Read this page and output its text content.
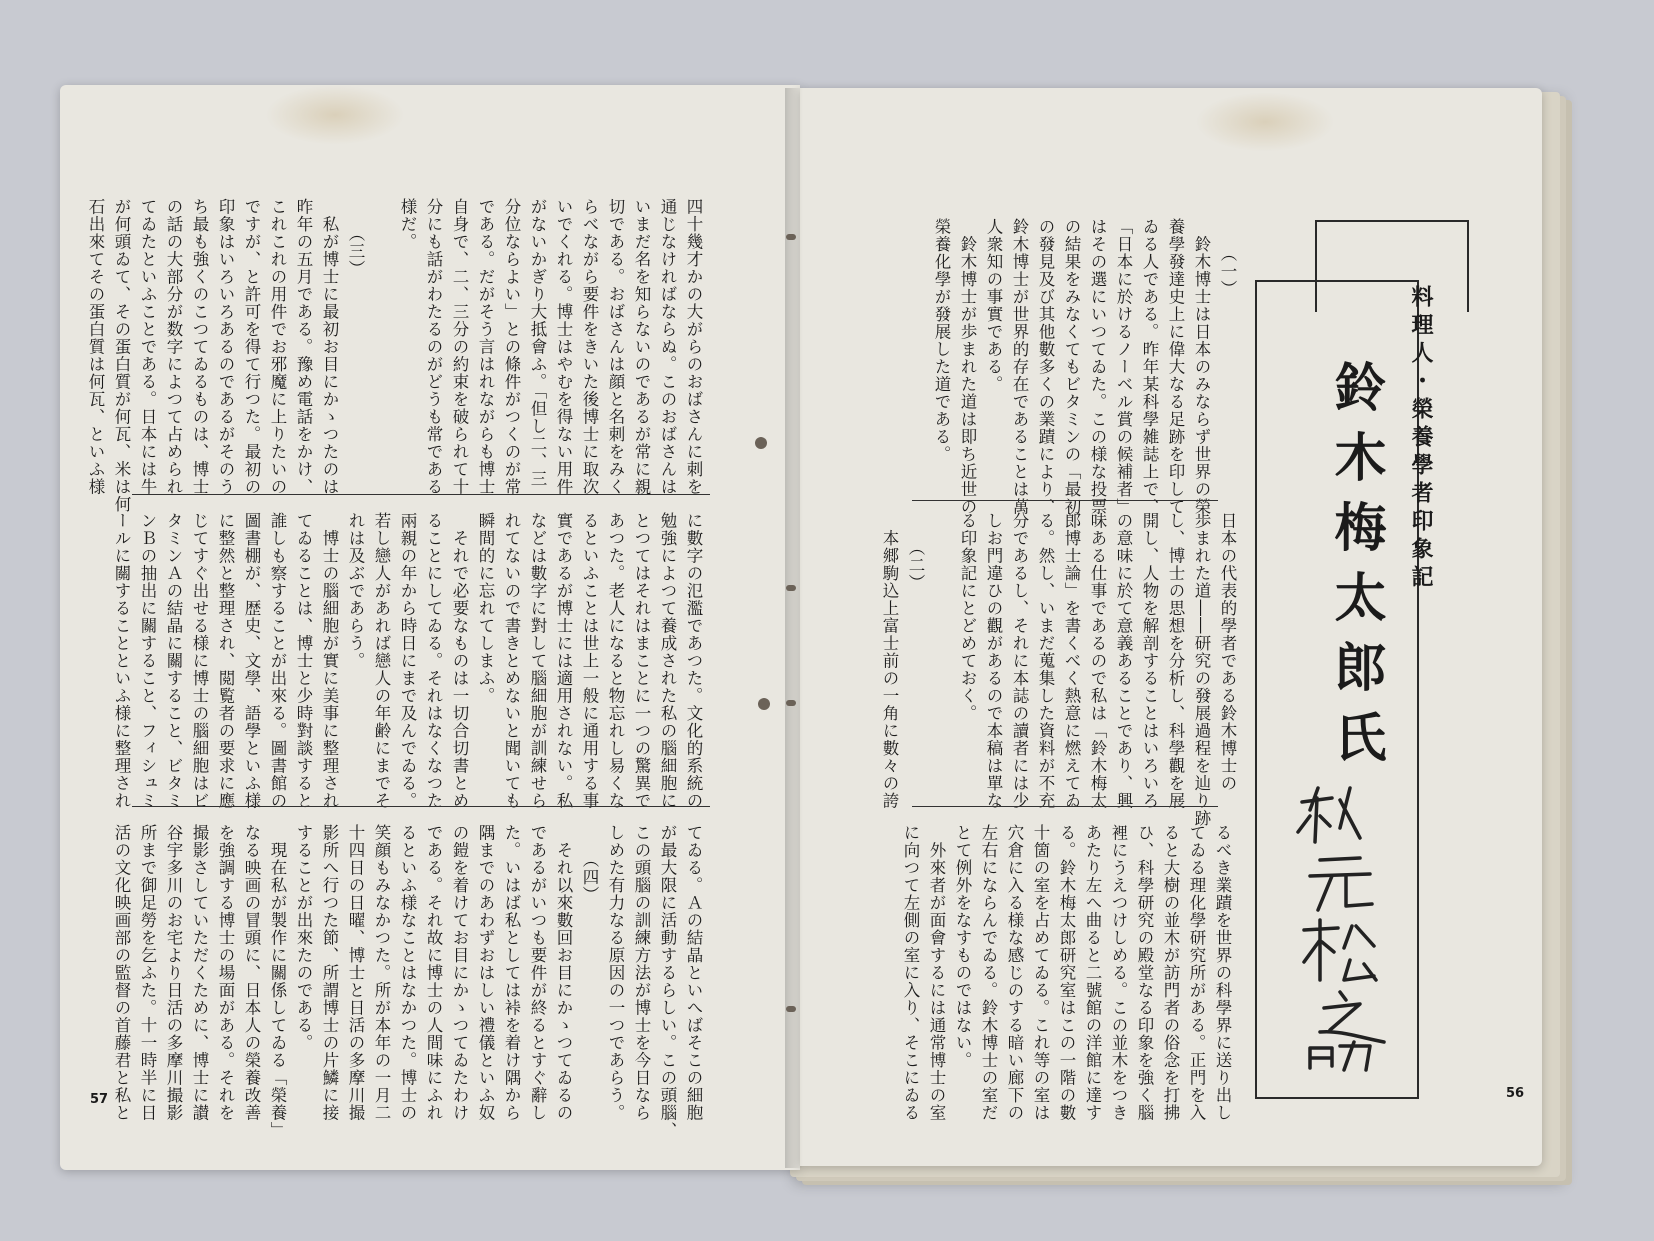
四十幾才かの大がらのおばさんに刺を

通じなければならぬ。このおばさんは

いまだ名を知らないのであるが常に親

切である。おばさんは顔と名刺をみく

らべながら要件をきいた後博士に取次

いでくれる。博士はやむを得ない用件

がないかぎり大抵會ふ。「但し二、三

分位ならよい」との條件がつくのが常

である。だがそう言はれながらも博士

自身で、二、三分の約束を破られて十

分にも話がわたるのがどうも常である

様だ。

　　（三）

　私が博士に最初お目にかゝつたのは

昨年の五月である。豫め電話をかけ、

これこれの用件でお邪魔に上りたいの

ですが、と許可を得て行つた。最初の

印象はいろいろあるのであるがそのう

ち最も強くのこつてゐるものは、博士

の話の大部分が数字によつて占められ

てゐたといふことである。日本には牛

が何頭ゐて、その蛋白質が何瓦、米は何

石出來てその蛋白質は何瓦、といふ様

に數字の氾濫であつた。文化的系統の

勉強によつて養成された私の腦細胞に

とつてはそれはまことに一つの驚異で

あつた。老人になると物忘れし易くな

るといふことは世上一般に通用する事

實であるが博士には適用されない。私

などは數字に對して腦細胞が訓練せら

れてないので書きとめないと聞いても

瞬間的に忘れてしまふ。

　それで必要なものは一切合切書とめ

ることにしてゐる。それはなくなつた

兩親の年から時日にまで及んでゐる。

若し戀人があれば戀人の年齢にまでそ

れは及ぶであらう。

　博士の腦細胞が實に美事に整理され

てゐることは、博士と少時對談すると

誰しも察することが出來る。圖書館の

圖書棚が、歴史、文學、語學といふ様

に整然と整理され、閲覧者の要求に應

じてすぐ出せる様に博士の腦細胞はビ

タミンＡの結晶に關すること、ビタミ

ンＢの抽出に關すること、フィシュミ

ールに關することといふ様に整理され

てゐる。Ａの結晶といへばそこの細胞

が最大限に活動するらしい。この頭腦、

この頭腦の訓練方法が博士を今日なら

しめた有力なる原因の一つであらう。

　　（四）

　それ以來數回お目にかゝつてゐるの

であるがいつも要件が終るとすぐ辭し

た。いはば私としては裃を着け隅から

隅までのあわずおはしい禮儀といふ奴

の鎧を着けてお目にかゝつてゐたわけ

である。それ故に博士の人間味にふれ

るといふ様なことはなかつた。博士の

笑顔もみなかつた。所が本年の一月二

十四日の日曜、博士と日活の多摩川撮

影所へ行つた節、所謂博士の片鱗に接

することが出來たのである。

　現在私が製作に關係してゐる「榮養」

なる映画の冒頭に、日本人の榮養改善

を強調する博士の場面がある。それを

撮影さしていただくために、博士に讃

谷宇多川のお宅より日活の多摩川撮影

所まで御足勞を乞ふた。十一時半に日

活の文化映画部の監督の首藤君と私と

57

　　（一）

　鈴木博士は日本のみならず世界の榮

養學發達史上に偉大なる足跡を印して

ゐる人である。昨年某科學雑誌上で、

「日本に於けるノーベル賞の候補者」

はその選にいつてゐた。この様な投票

の結果をみなくてもビタミンの「最初

の發見及び其他數多くの業蹟により、

鈴木博士が世界的存在であることは萬

人衆知の事實である。

　鈴木博士が歩まれた道は即ち近世の

榮養化學が發展した道である。

日本の代表的學者である鈴木博士の

歩まれた道――研究の發展過程を辿り跡

し、博士の思想を分析し、科學觀を展

開し、人物を解剖することはいろいろ

の意味に於て意義あることであり、興

味ある仕事であるので私は「鈴木梅太

郎博士論」を書くべく熱意に燃えてゐ

る。然し、いまだ蒐集した資料が不充

分であるし、それに本誌の讀者には少

しお門違ひの觀があるので本稿は單な

る印象記にとどめておく。

　　（二）

　本郷駒込上富士前の一角に數々の誇

るべき業蹟を世界の科學界に送り出し

てゐる理化學研究所がある。正門を入

ると大樹の並木が訪門者の俗念を打拂

ひ、科學研究の殿堂なる印象を強く腦

裡にうえつけしめる。この並木をつき

あたり左へ曲ると二號館の洋館に達す

る。鈴木梅太郎研究室はこの一階の數

十箇の室を占めてゐる。これ等の室は

穴倉に入る様な感じのする暗い廊下の

左右にならんでゐる。鈴木博士の室だ

とて例外をなすものではない。

　外來者が面會するには通常博士の室

に向つて左側の室に入り、そこにゐる

料理人・榮養學者印象記
鈴木梅太郎氏
56
